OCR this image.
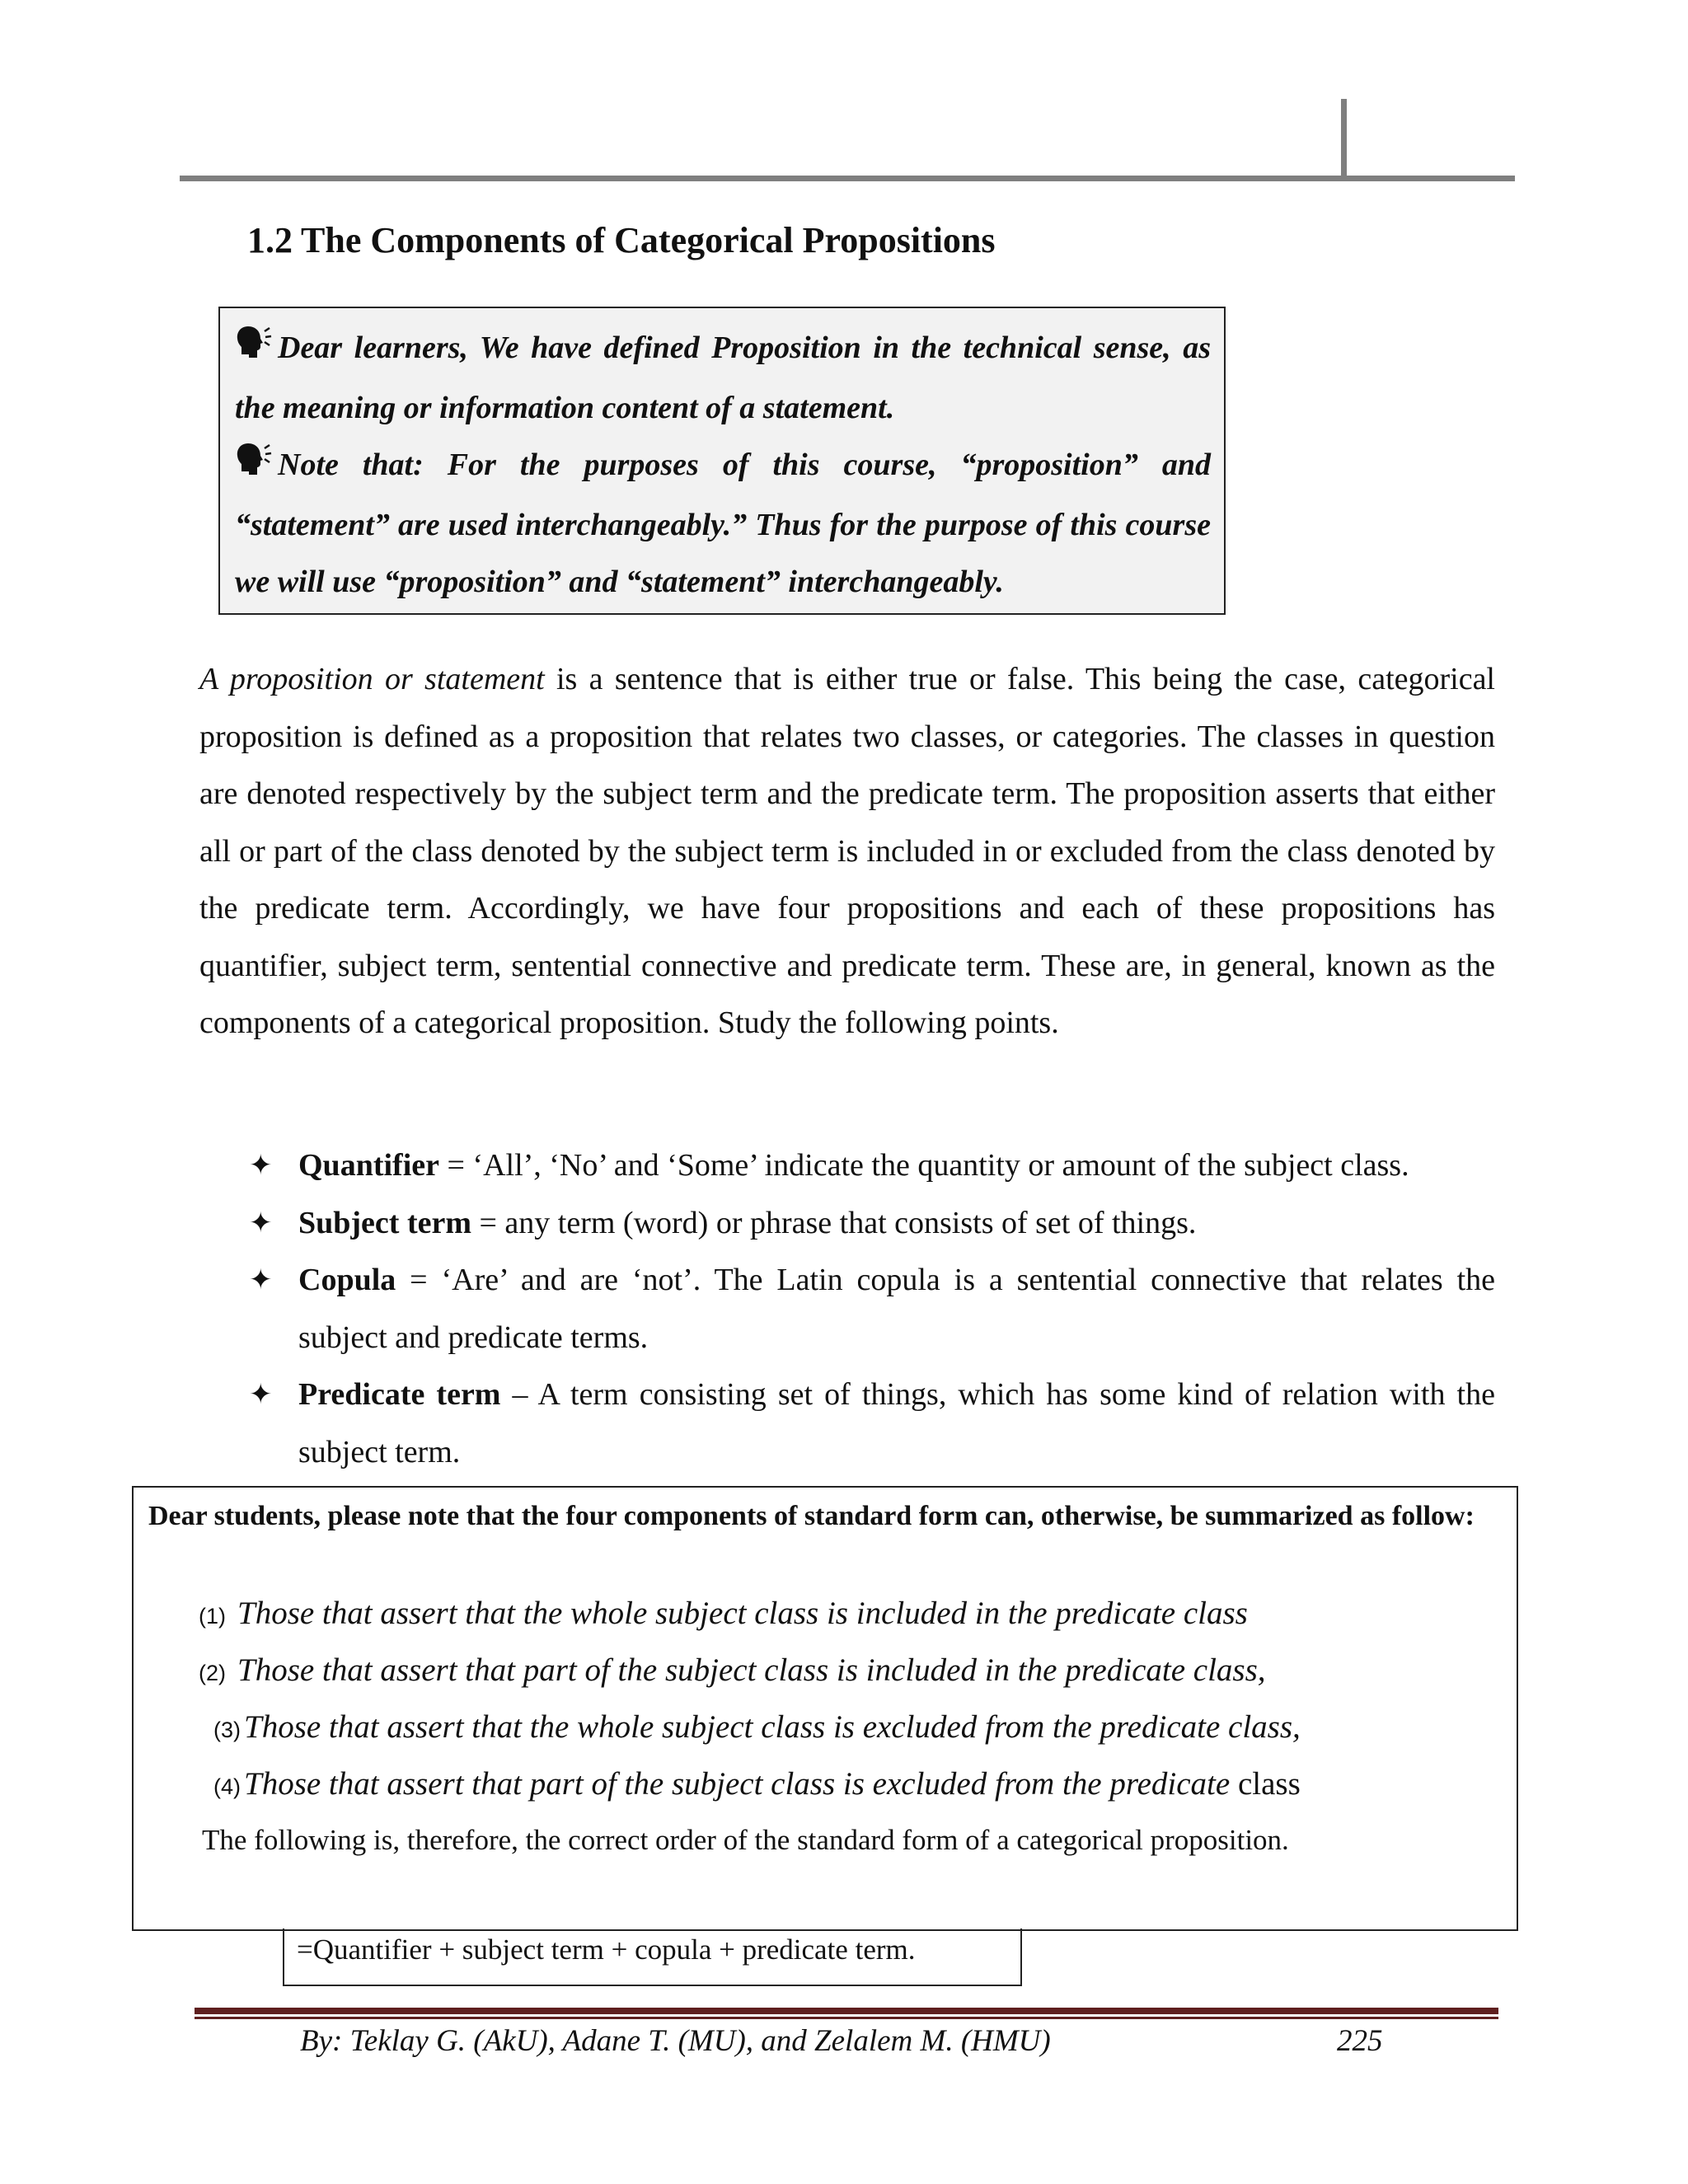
1.2 The Components of Categorical Propositions

Dear learners, We have defined Proposition in the technical sense, as the meaning or information content of a statement.

Note that: For the purposes of this course, “proposition” and “statement” are used interchangeably.” Thus for the purpose of this course we will use “proposition” and “statement” interchangeably.

A proposition or statement is a sentence that is either true or false. This being the case, categorical proposition is defined as a proposition that relates two classes, or categories. The classes in question are denoted respectively by the subject term and the predicate term. The proposition asserts that either all or part of the class denoted by the subject term is included in or excluded from the class denoted by the predicate term. Accordingly, we have four propositions and each of these propositions has quantifier, subject term, sentential connective and predicate term. These are, in general, known as the components of a categorical proposition. Study the following points.
✦ Quantifier = ‘All’, ‘No’ and ‘Some’ indicate the quantity or amount of the subject class.
✦ Subject term = any term (word) or phrase that consists of set of things.
✦ Copula = ‘Are’ and are ‘not’. The Latin copula is a sentential connective that relates the subject and predicate terms.
✦ Predicate term – A term consisting set of things, which has some kind of relation with the subject term.
Dear students, please note that the four components of standard form can, otherwise, be summarized as follow:
(1) Those that assert that the whole subject class is included in the predicate class
(2) Those that assert that part of the subject class is included in the predicate class,
(3) Those that assert that the whole subject class is excluded from the predicate class,
(4) Those that assert that part of the subject class is excluded from the predicate class
The following is, therefore, the correct order of the standard form of a categorical proposition.
=Quantifier + subject term + copula + predicate term.
By: Teklay G. (AkU), Adane T. (MU), and Zelalem M. (HMU)	225
